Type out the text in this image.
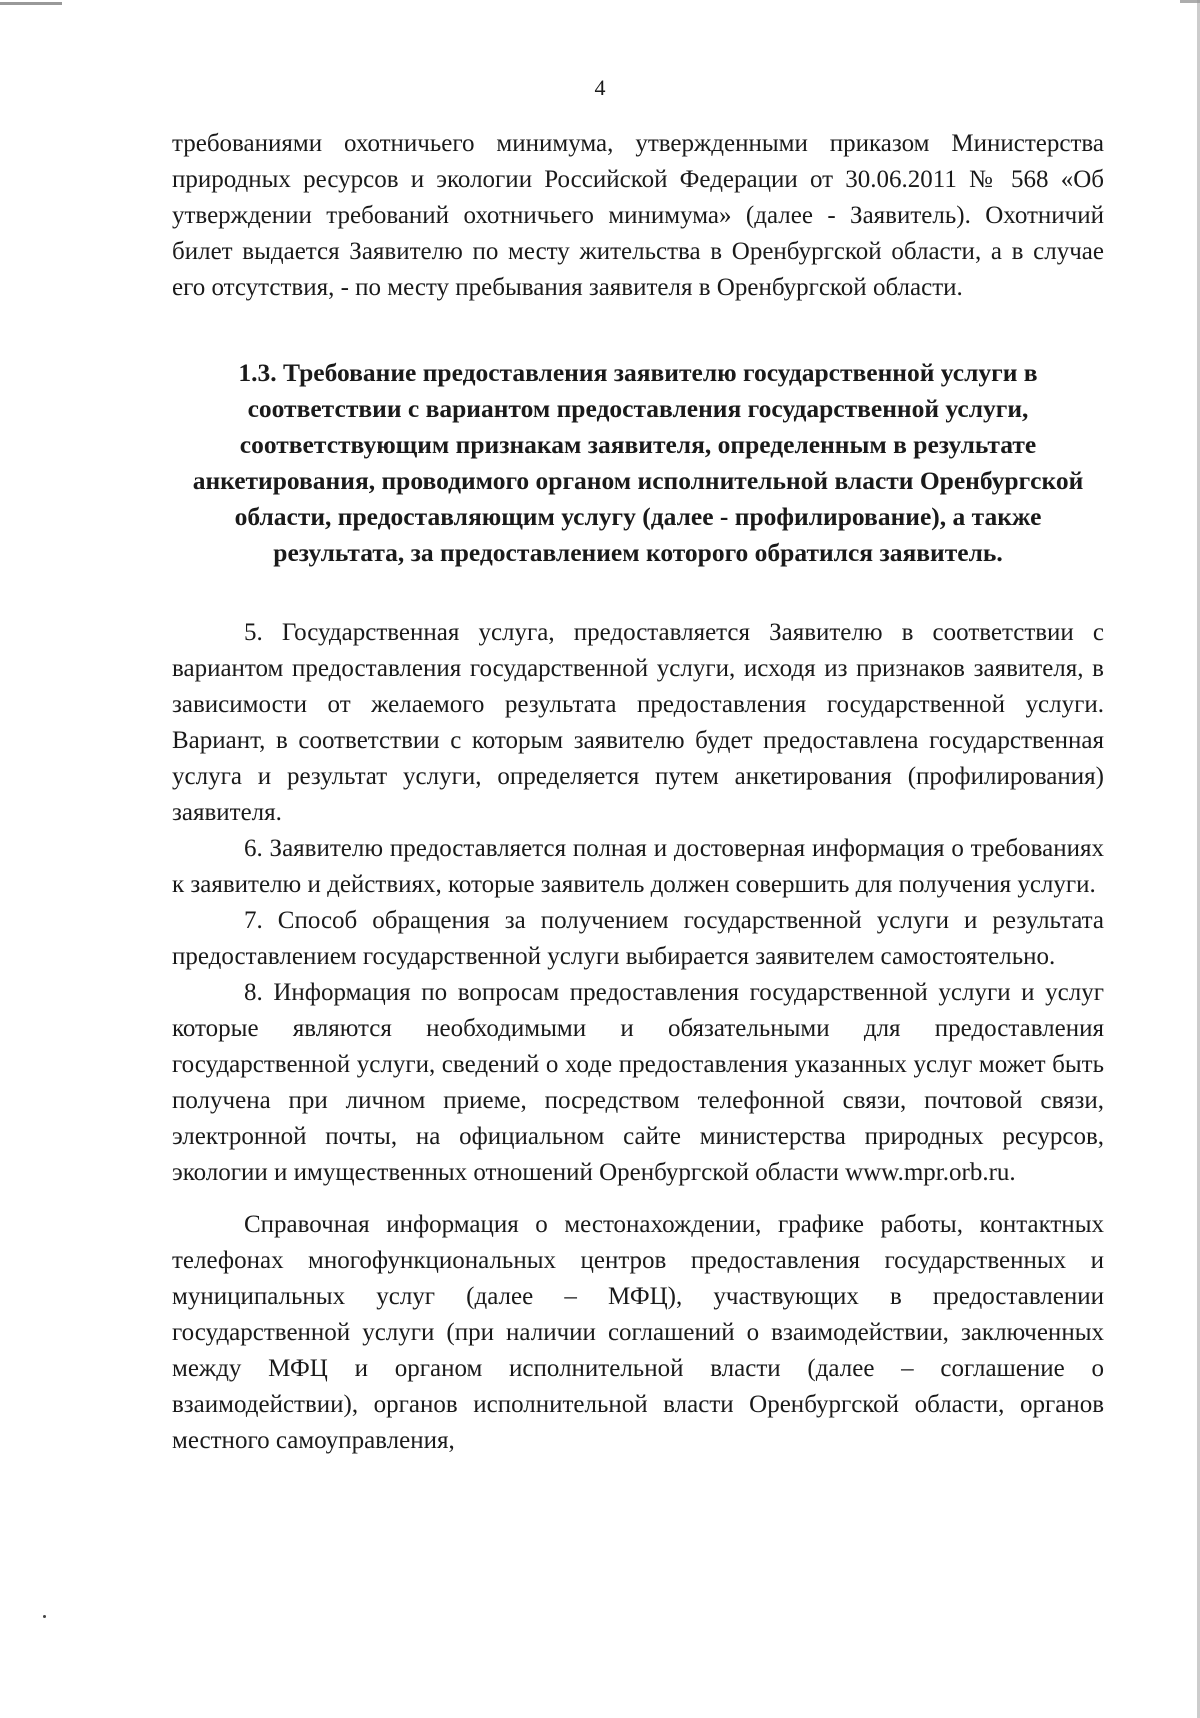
4

требованиями охотничьего минимума, утвержденными приказом Министерства природных ресурсов и экологии Российской Федерации от 30.06.2011 № 568 «Об утверждении требований охотничьего минимума» (далее - Заявитель). Охотничий билет выдается Заявителю по месту жительства в Оренбургской области, а в случае его отсутствия, - по месту пребывания заявителя в Оренбургской области.

1.3. Требование предоставления заявителю государственной услуги в соответствии с вариантом предоставления государственной услуги, соответствующим признакам заявителя, определенным в результате анкетирования, проводимого органом исполнительной власти Оренбургской области, предоставляющим услугу (далее - профилирование), а также результата, за предоставлением которого обратился заявитель.

5. Государственная услуга, предоставляется Заявителю в соответствии с вариантом предоставления государственной услуги, исходя из признаков заявителя, в зависимости от желаемого результата предоставления государственной услуги. Вариант, в соответствии с которым заявителю будет предоставлена государственная услуга и результат услуги, определяется путем анкетирования (профилирования) заявителя.

6. Заявителю предоставляется полная и достоверная информация о требованиях к заявителю и действиях, которые заявитель должен совершить для получения услуги.

7. Способ обращения за получением государственной услуги и результата предоставлением государственной услуги выбирается заявителем самостоятельно.

8. Информация по вопросам предоставления государственной услуги и услуг которые являются необходимыми и обязательными для предоставления государственной услуги, сведений о ходе предоставления указанных услуг может быть получена при личном приеме, посредством телефонной связи, почтовой связи, электронной почты, на официальном сайте министерства природных ресурсов, экологии и имущественных отношений Оренбургской области www.mpr.orb.ru.

Справочная информация о местонахождении, графике работы, контактных телефонах многофункциональных центров предоставления государственных и муниципальных услуг (далее – МФЦ), участвующих в предоставлении государственной услуги (при наличии соглашений о взаимодействии, заключенных между МФЦ и органом исполнительной власти (далее – соглашение о взаимодействии), органов исполнительной власти Оренбургской области, органов местного самоуправления,
